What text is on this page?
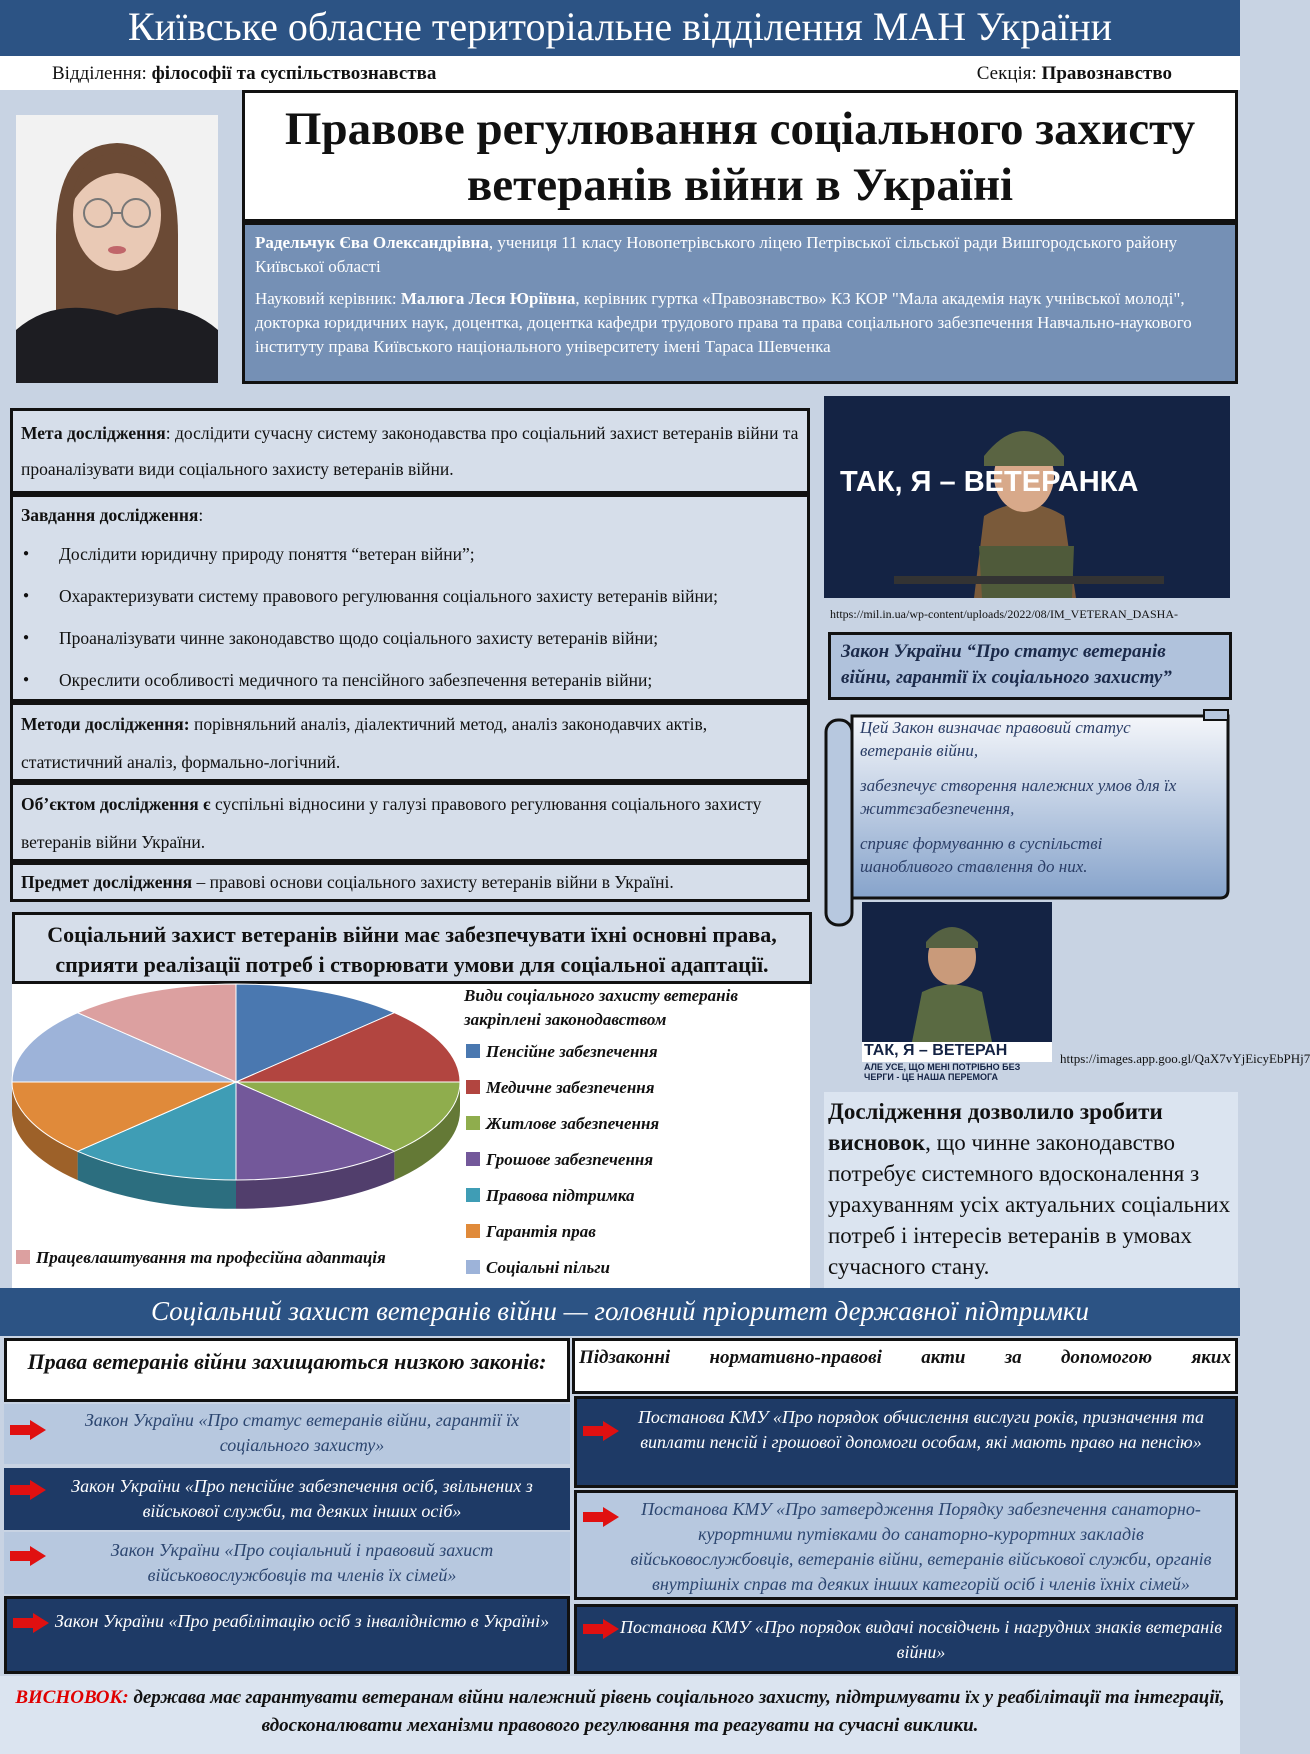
Київське обласне територіальне відділення МАН України
Відділення: філософії та суспільствознавства	Секція: Правознавство
Правове регулювання соціального захисту
ветеранів війни в Україні

Радельчук Єва Олександрівна, учениця 11 класу Новопетрівського ліцею Петрівської сільської ради Вишгородського району Київської області

Науковий керівник: Малюга Леся Юріївна, керівник гуртка «Правознавство» КЗ КОР "Мала академія наук учнівської молоді", докторка юридичних наук, доцентка, доцентка кафедри трудового права та права соціального забезпечення Навчально-наукового інституту права Київського національного університету імені Тараса Шевченка

Мета дослідження: дослідити сучасну систему законодавства про соціальний захист ветеранів війни та проаналізувати види соціального захисту ветеранів війни.
Завдання дослідження:
● Дослідити юридичну природу поняття “ветеран війни”;
● Охарактеризувати систему правового регулювання соціального захисту ветеранів війни;
● Проаналізувати чинне законодавство щодо соціального захисту ветеранів війни;
● Окреслити особливості медичного та пенсійного забезпечення ветеранів війни;
Методи дослідження: порівняльний аналіз, діалектичний метод, аналіз законодавчих актів, статистичний аналіз, формально-логічний.
Об’єктом дослідження є суспільні відносини у галузі правового регулювання соціального захисту ветеранів війни України.
Предмет дослідження – правові основи соціального захисту ветеранів війни в Україні.
Соціальний захист ветеранів війни має забезпечувати їхні основні права, сприяти реалізації потреб і створювати умови для соціальної адаптації.
Види соціального захисту ветеранів закріплені законодавством
Пенсійне забезпечення
Медичне забезпечення
Житлове забезпечення
Грошове забезпечення
Правова підтримка
Гарантія прав
Соціальні пільги
Працевлаштування та професійна адаптація
ТАК, Я – ВЕТЕРАНКА
https://mil.in.ua/wp-content/uploads/2022/08/IM_VETERAN_DASHA-
Закон України “Про статус ветеранів війни, гарантії їх соціального захисту”

Цей Закон визначає правовий статус ветеранів війни,

забезпечує створення належних умов для їх життєзабезпечення,

сприяє формуванню в суспільстві шанобливого ставлення до них.

ТАК, Я – ВЕТЕРАН
АЛЕ УСЕ, ЩО МЕНІ ПОТРІБНО БЕЗ ЧЕРГИ - ЦЕ НАША ПЕРЕМОГА
https://images.app.goo.gl/QaX7vYjEicyEbPHj7
Дослідження дозволило зробити висновок, що чинне законодавство потребує системного вдосконалення з урахуванням усіх актуальних соціальних потреб і інтересів ветеранів в умовах сучасного стану.
Соціальний захист ветеранів війни — головний пріоритет державної підтримки
Права ветеранів війни захищаються низкою законів:
Закон України «Про статус ветеранів війни, гарантії їх соціального захисту»
Закон України «Про пенсійне забезпечення осіб, звільнених з військової служби, та деяких інших осіб»
Закон України «Про соціальний і правовий захист військовослужбовців та членів їх сімей»
Закон України «Про реабілітацію осіб з інвалідністю в Україні»
Підзаконні нормативно-правові акти за допомогою яких
Постанова КМУ «Про порядок обчислення вислуги років, призначення та виплати пенсій і грошової допомоги особам, які мають право на пенсію»
Постанова КМУ «Про затвердження Порядку забезпечення санаторно-курортними путівками до санаторно-курортних закладів військовослужбовців, ветеранів війни, ветеранів військової служби, органів внутрішніх справ та деяких інших категорій осіб і членів їхніх сімей»
Постанова КМУ «Про порядок видачі посвідчень і нагрудних знаків ветеранів війни»
ВИСНОВОК: держава має гарантувати ветеранам війни належний рівень соціального захисту, підтримувати їх у реабілітації та інтеграції, вдосконалювати механізми правового регулювання та реагувати на сучасні виклики.
